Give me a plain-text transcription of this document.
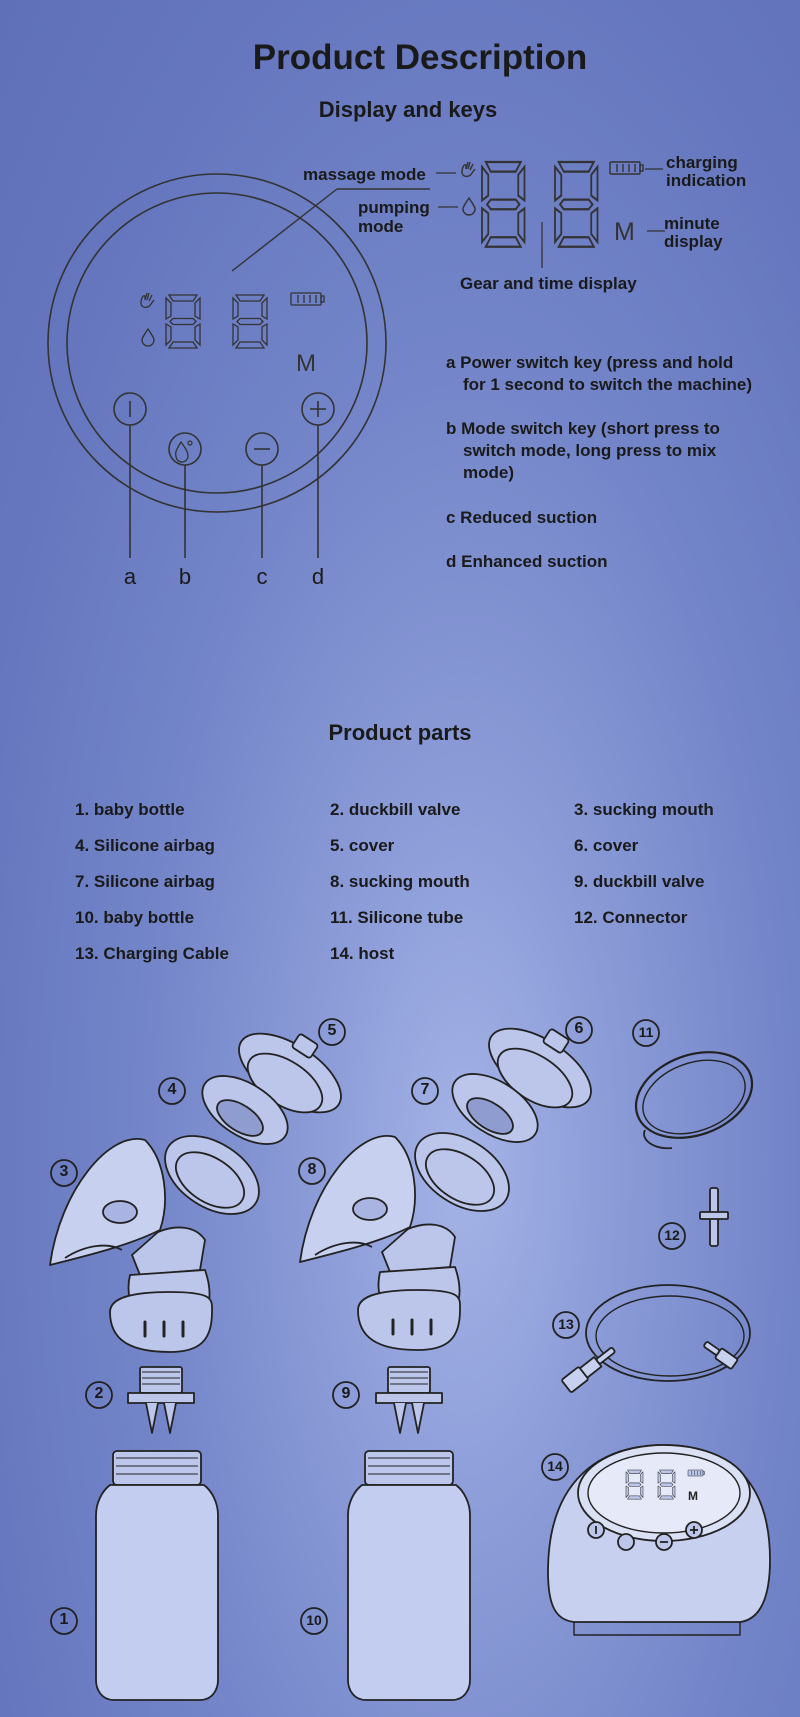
Product Description
Display and keys
massage mode
pumping
mode
charging
indication
minute
display
M
M
Gear and time display
a b	c d
a Power switch key (press and hold
for 1 second to switch the machine)
b Mode switch key (short press to
switch mode, long press to mix
mode)
c Reduced suction
d Enhanced suction
Product parts
1. baby bottle
4. Silicone airbag
7. Silicone airbag
10. baby bottle
13. Charging Cable
2. duckbill valve
5. cover
8. sucking mouth
11. Silicone tube
14. host
3. sucking mouth
6. cover
9. duckbill valve
12. Connector
1
2
3
4
5	6
7
8
9
10
11
12
13
14
M
